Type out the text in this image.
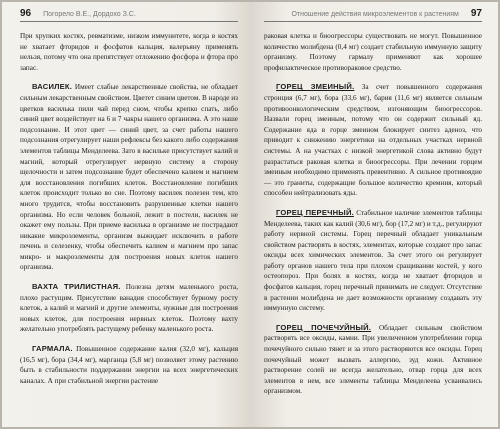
96 Погорело В.Е., Дордохо З.С.

При хрупких костях, ревматизме, низком иммунитете, когда в костях не хватает фторидов и фосфатов кальция, валерьяну применять нельзя, потому что она препятствует отложению фосфора и фтора про запас.

ВАСИЛЕК. Имеет слабые лекарственные свойства, не обладает сильным лекарственным свойством. Цветет синим цветом. В народе из цветков василька пили чай перед сном, чтобы крепко спать, либо синий цвет воздействует на 6 и 7 чакры нашего организма. А это наше подсознание. И этот цвет — синий цвет, за счет работы нашего подсознания отрегулирует наши рефлексы без какого либо содержания элементов таблицы Менделеева. Зато в васильке присутствует калий и магний, который отрегулирует нервную систему в сторону щелочности и затем подсознание будет обеспечено калием и магнием для восстановления погибших клеток. Восстановление погибших клеток происходит только во сне. Поэтому василек полезен тем, кто много трудится, чтобы восстановить разрушенные клетки нашего организма. Но если человек больной, лежит в постели, василек не окажет ему пользы. При приеме василька в организме не пострадают никакие микроэлементы, организм выжидает исключить в работе печень и селезенку, чтобы обеспечить калием и магнием про запас микро- и макроэлементы для построения новых клеток нашего организма.

ВАХТА ТРИЛИСТНАЯ. Полезна детям маленького роста, плохо растущим. Присутствие ванадия способствует бурному росту клеток, а калий и магний и другие элементы, нужные для построения новых клеток, для построения нервных клеток. Поэтому вахту желательно употреблять растущему ребенку маленького роста.

ГАРМАЛА. Повышенное содержание калия (32,0 мг), кальция (16,5 мг), бора (34,4 мг), марганца (5,8 мг) позволяет этому растению быть в стабильности поддержании энергии на всех энергетических каналах. А при стабильной энергии растение

Отношение действия микроэлементов к растениям 97

раковая клетка и биоогрессоры существовать не могут. Повышенное количество молибдена (0,4 мг) создает стабильную иммунную защиту организму. Поэтому гармалу применяют как хорошее профилактическое противораковое средство.

ГОРЕЦ ЗМЕИНЫЙ. За счет повышенного содержания стронция (6,7 мг), бора (33,6 мг), бария (11,6 мг) является сильным противоонкологическим средством, изгоняющим биоогрессоров. Назвали горец змеиным, потому что он содержит сильный яд. Содержание яда в горце змеином блокирует синтез аденоз, что приводит к снижению энергетики на отдельных участках нервной системы. А на участках с низкой энергетикой слова активно будут разрастаться раковая клетка и биоогрессоры. При лечении горцем змеиным необходимо применять превентивно. А сильное противоядие — это граниты, содержащие большое количество кремния, который способен нейтрализовать яды.

ГОРЕЦ ПЕРЕЧНЫЙ. Стабильное наличие элементов таблицы Менделеева, таких как калий (30,6 мг), бор (17,2 мг) и т.д., регулируют работу нервной системы. Горец перечный обладает уникальным свойством растворять в костях, элементах, которые создают про запас оксиды всех химических элементов. За счет этого он регулирует работу органов нашего тела при плохом сращивании костей, у кого остеопороз. При болях в костях, когда не хватает фторидов и фосфатов кальция, горец перечный принимать не следует. Отсутствие в растении молибдена не дает возможности организму создавать эту иммунную систему.

ГОРЕЦ ПОЧЕЧУЙНЫЙ. Обладает сильным свойством растворять все оксиды, камни. При увеличенном употреблении горца почечуйного сильно тянет и за этого растворяются все оксиды. Горец почечуйный может вызвать аллергию, зуд кожи. Активное растворение солей не всегда желательно, отвар горца для всех элементов в нем, все элементы таблицы Менделеева усваивались организмом.
